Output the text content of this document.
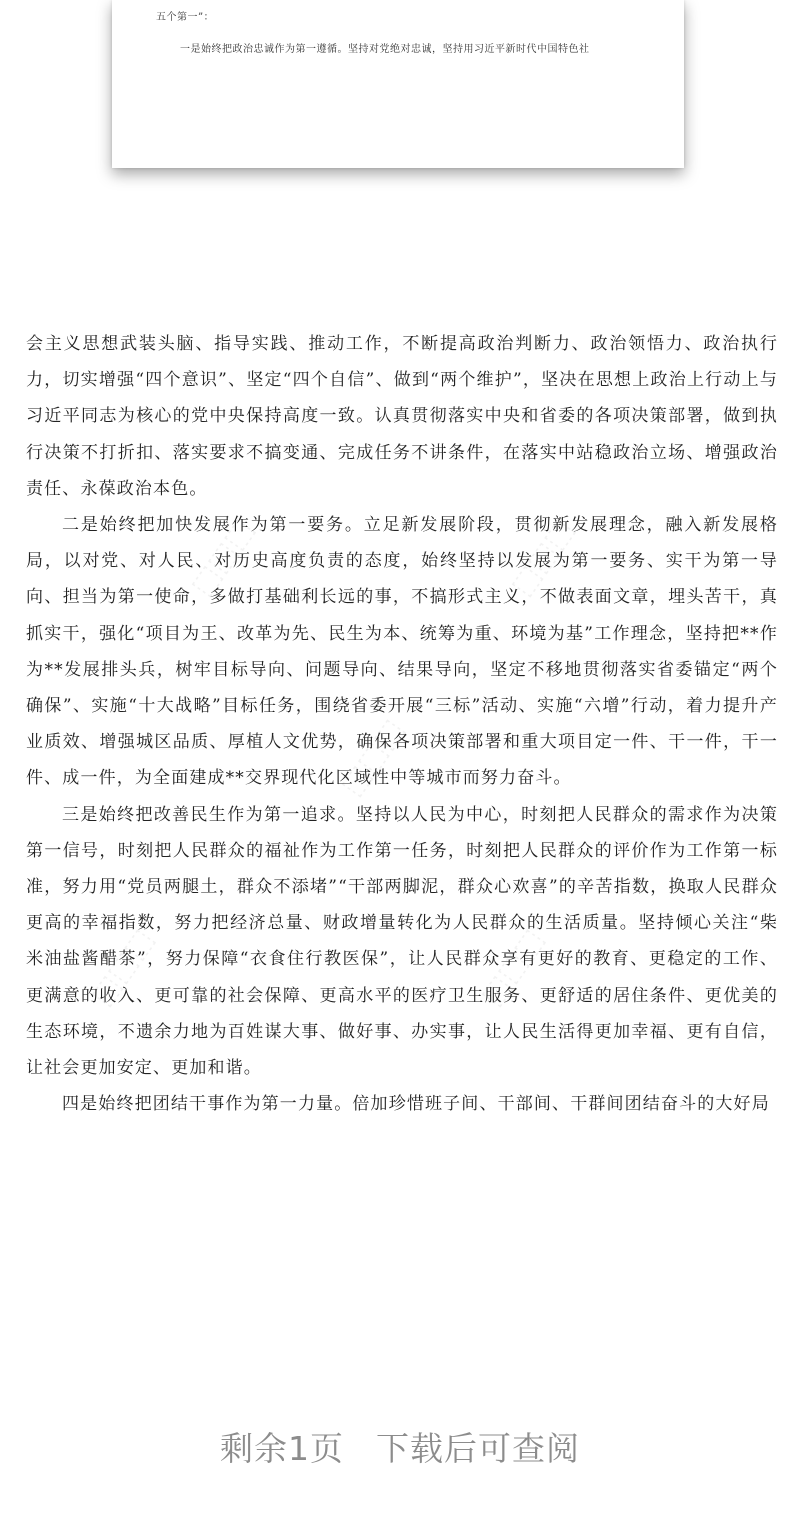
五个第一”：
一是始终把政治忠诚作为第一遵循。坚持对党绝对忠诚，坚持用习近平新时代中国特色社
⬚⬚⬚	⬚⬚⬚
⬚⬚⬚
⬚⬚⬚	⬚⬚⬚

会主义思想武装头脑、指导实践、推动工作，不断提高政治判断力、政治领悟力、政治执行力，切实增强“四个意识”、坚定“四个自信”、做到“两个维护”，坚决在思想上政治上行动上与习近平同志为核心的党中央保持高度一致。认真贯彻落实中央和省委的各项决策部署，做到执行决策不打折扣、落实要求不搞变通、完成任务不讲条件，在落实中站稳政治立场、增强政治责任、永葆政治本色。

二是始终把加快发展作为第一要务。立足新发展阶段，贯彻新发展理念，融入新发展格局，以对党、对人民、对历史高度负责的态度，始终坚持以发展为第一要务、实干为第一导向、担当为第一使命，多做打基础利长远的事，不搞形式主义，不做表面文章，埋头苦干，真抓实干，强化“项目为王、改革为先、民生为本、统筹为重、环境为基”工作理念，坚持把**作为**发展排头兵，树牢目标导向、问题导向、结果导向，坚定不移地贯彻落实省委锚定“两个确保”、实施“十大战略”目标任务，围绕省委开展“三标”活动、实施“六增”行动，着力提升产业质效、增强城区品质、厚植人文优势，确保各项决策部署和重大项目定一件、干一件，干一件、成一件，为全面建成**交界现代化区域性中等城市而努力奋斗。

三是始终把改善民生作为第一追求。坚持以人民为中心，时刻把人民群众的需求作为决策第一信号，时刻把人民群众的福祉作为工作第一任务，时刻把人民群众的评价作为工作第一标准，努力用“党员两腿土，群众不添堵”“干部两脚泥，群众心欢喜”的辛苦指数，换取人民群众更高的幸福指数，努力把经济总量、财政增量转化为人民群众的生活质量。坚持倾心关注“柴米油盐酱醋茶”，努力保障“衣食住行教医保”，让人民群众享有更好的教育、更稳定的工作、更满意的收入、更可靠的社会保障、更高水平的医疗卫生服务、更舒适的居住条件、更优美的生态环境，不遗余力地为百姓谋大事、做好事、办实事，让人民生活得更加幸福、更有自信，让社会更加安定、更加和谐。

四是始终把团结干事作为第一力量。倍加珍惜班子间、干部间、干群间团结奋斗的大好局

剩余1页 下载后可查阅
